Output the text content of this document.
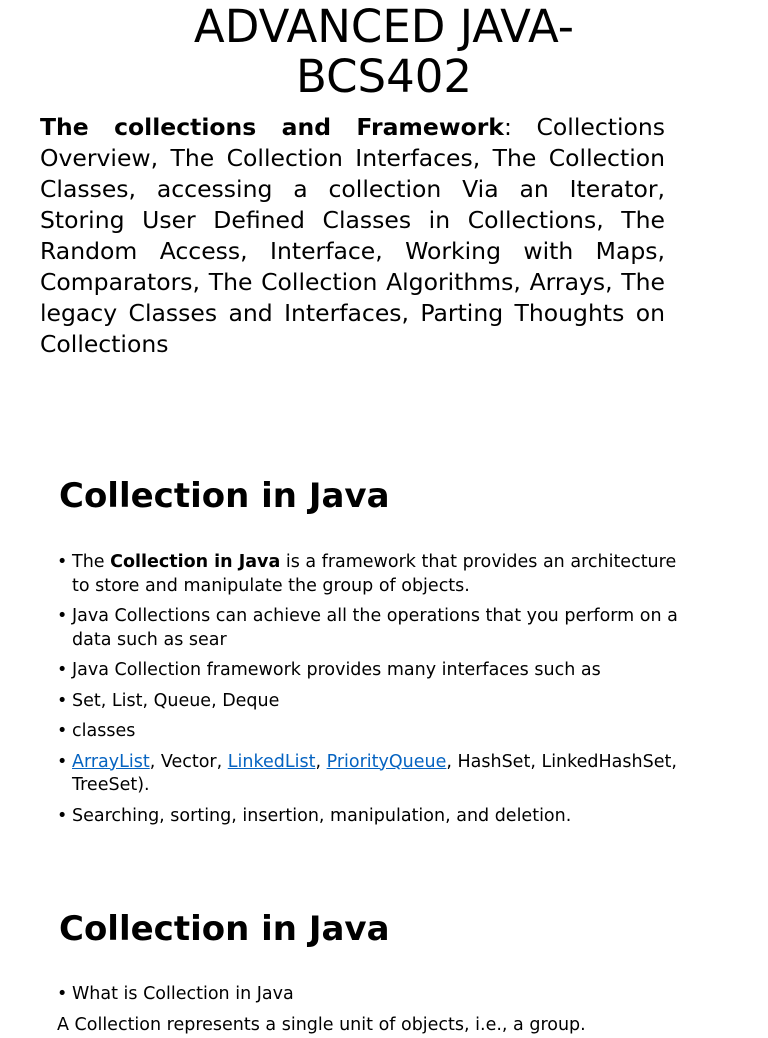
ADVANCED JAVA-
BCS402

The collections and Framework: Collections Overview, The Collection Interfaces, The Collection Classes, accessing a collection Via an Iterator, Storing User Defined Classes in Collections, The Random Access, Interface, Working with Maps, Comparators, The Collection Algorithms, Arrays, The legacy Classes and Interfaces, Parting Thoughts on Collections

Collection in Java
• The Collection in Java is a framework that provides an architecture to store and manipulate the group of objects.
• Java Collections can achieve all the operations that you perform on a data such as sear
• Java Collection framework provides many interfaces such as
• Set, List, Queue, Deque
• classes
• ArrayList, Vector, LinkedList, PriorityQueue, HashSet, LinkedHashSet, TreeSet).
• Searching, sorting, insertion, manipulation, and deletion.
Collection in Java
• What is Collection in Java
A Collection represents a single unit of objects, i.e., a group.
